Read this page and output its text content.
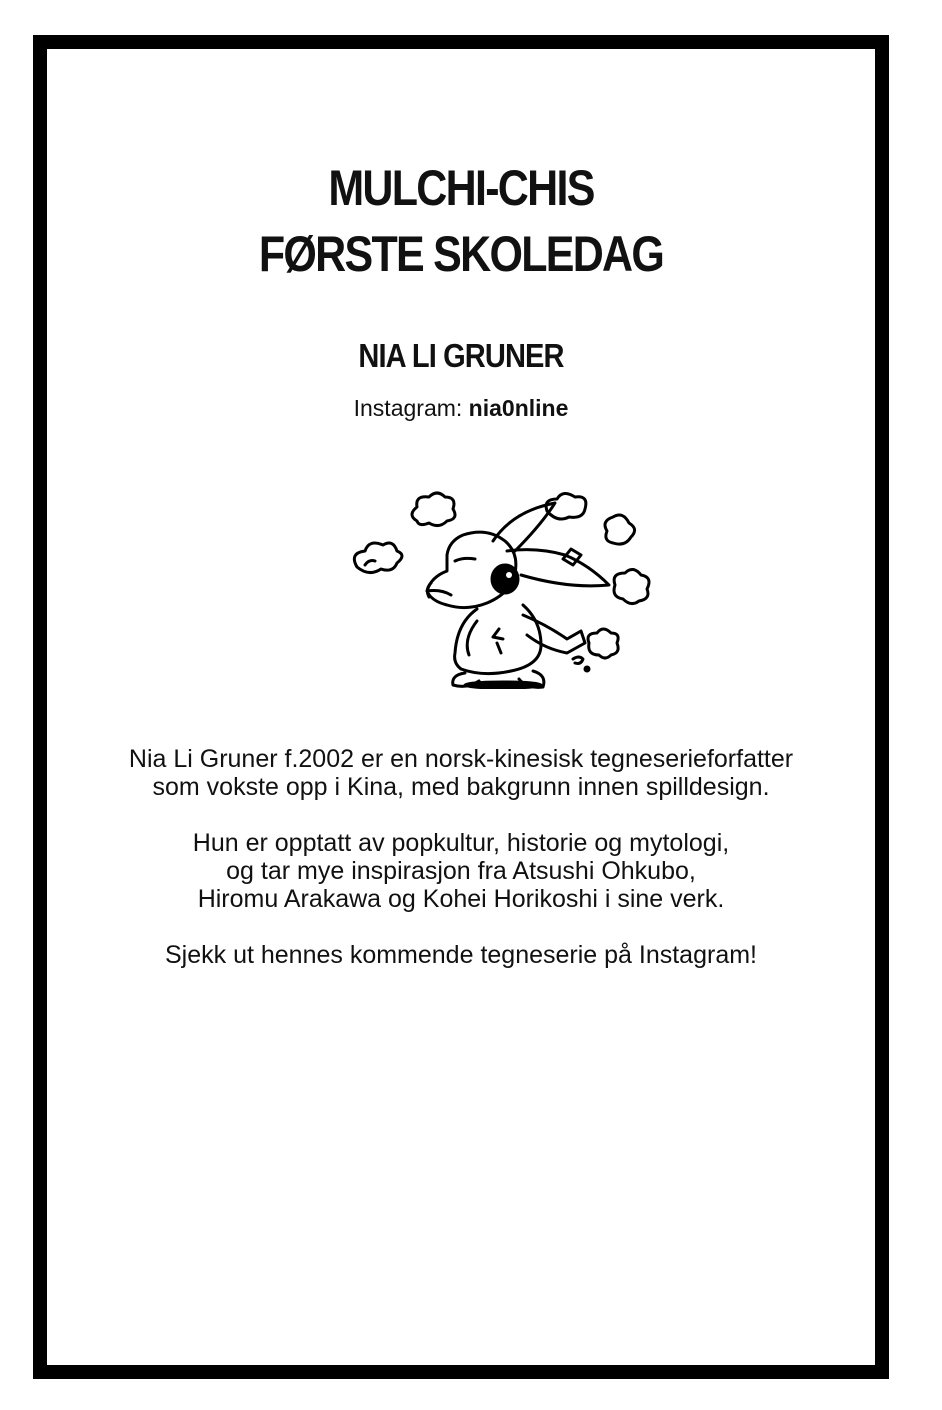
MULCHI-CHIS
FØRSTE SKOLEDAG
NIA LI GRUNER
Instagram: nia0nline

Nia Li Gruner f.2002 er en norsk-kinesisk tegneserieforfatter
som vokste opp i Kina, med bakgrunn innen spilldesign.

Hun er opptatt av popkultur, historie og mytologi,
og tar mye inspirasjon fra Atsushi Ohkubo,
Hiromu Arakawa og Kohei Horikoshi i sine verk.

Sjekk ut hennes kommende tegneserie på Instagram!
